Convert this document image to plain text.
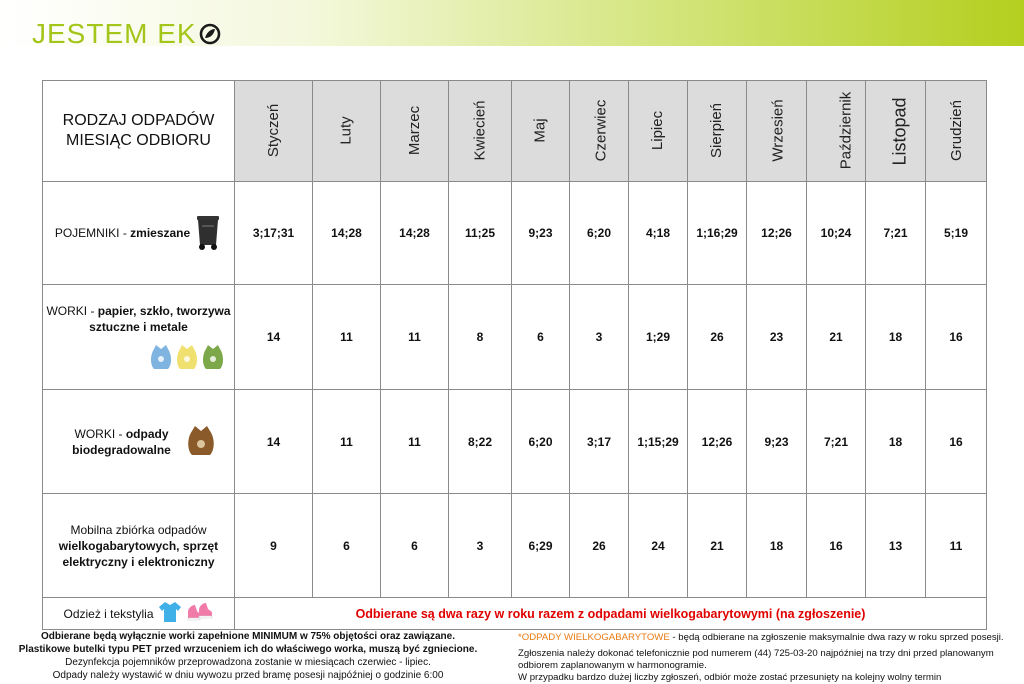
JESTEM EK
RODZAJ ODPADÓW
MIESIĄC ODBIORU	Styczeń	Luty	Marzec	Kwiecień	Maj	Czerwiec	Lipiec	Sierpień	Wrzesień	Październik	Listopad	Grudzień

POJEMNIKI - zmieszane	3;17;31	14;28	14;28	11;25	9;23	6;20	4;18	1;16;29	12;26	10;24	7;21	5;19

WORKI - papier, szkło, tworzywa sztuczne i metale	14	11	11	8	6	3	1;29	26	23	21	18	16

WORKI - odpady biodegradowalne	14	11	11	8;22	6;20	3;17	1;15;29	12;26	9;23	7;21	18	16

Mobilna zbiórka odpadów wielkogabarytowych, sprzęt elektryczny i elektroniczny	9	6	6	3	6;29	26	24	21	18	16	13	11

Odzież i tekstylia	Odbierane są dwa razy w roku razem z odpadami wielkogabarytowymi (na zgłoszenie)											
Odbierane będą wyłącznie worki zapełnione MINIMUM w 75% objętości oraz zawiązane.
Plastikowe butelki typu PET przed wrzuceniem ich do właściwego worka, muszą być zgniecione.
Dezynfekcja pojemników przeprowadzona zostanie w miesiącach czerwiec - lipiec.
Odpady należy wystawić w dniu wywozu przed bramę posesji najpóźniej o godzinie 6:00
*ODPADY WIELKOGABARYTOWE - będą odbierane na zgłoszenie maksymalnie dwa razy w roku sprzed posesji.
Zgłoszenia należy dokonać telefonicznie pod numerem (44) 725-03-20 najpóźniej na trzy dni przed planowanym odbiorem zaplanowanym w harmonogramie.
W przypadku bardzo dużej liczby zgłoszeń, odbiór może zostać przesunięty na kolejny wolny termin
